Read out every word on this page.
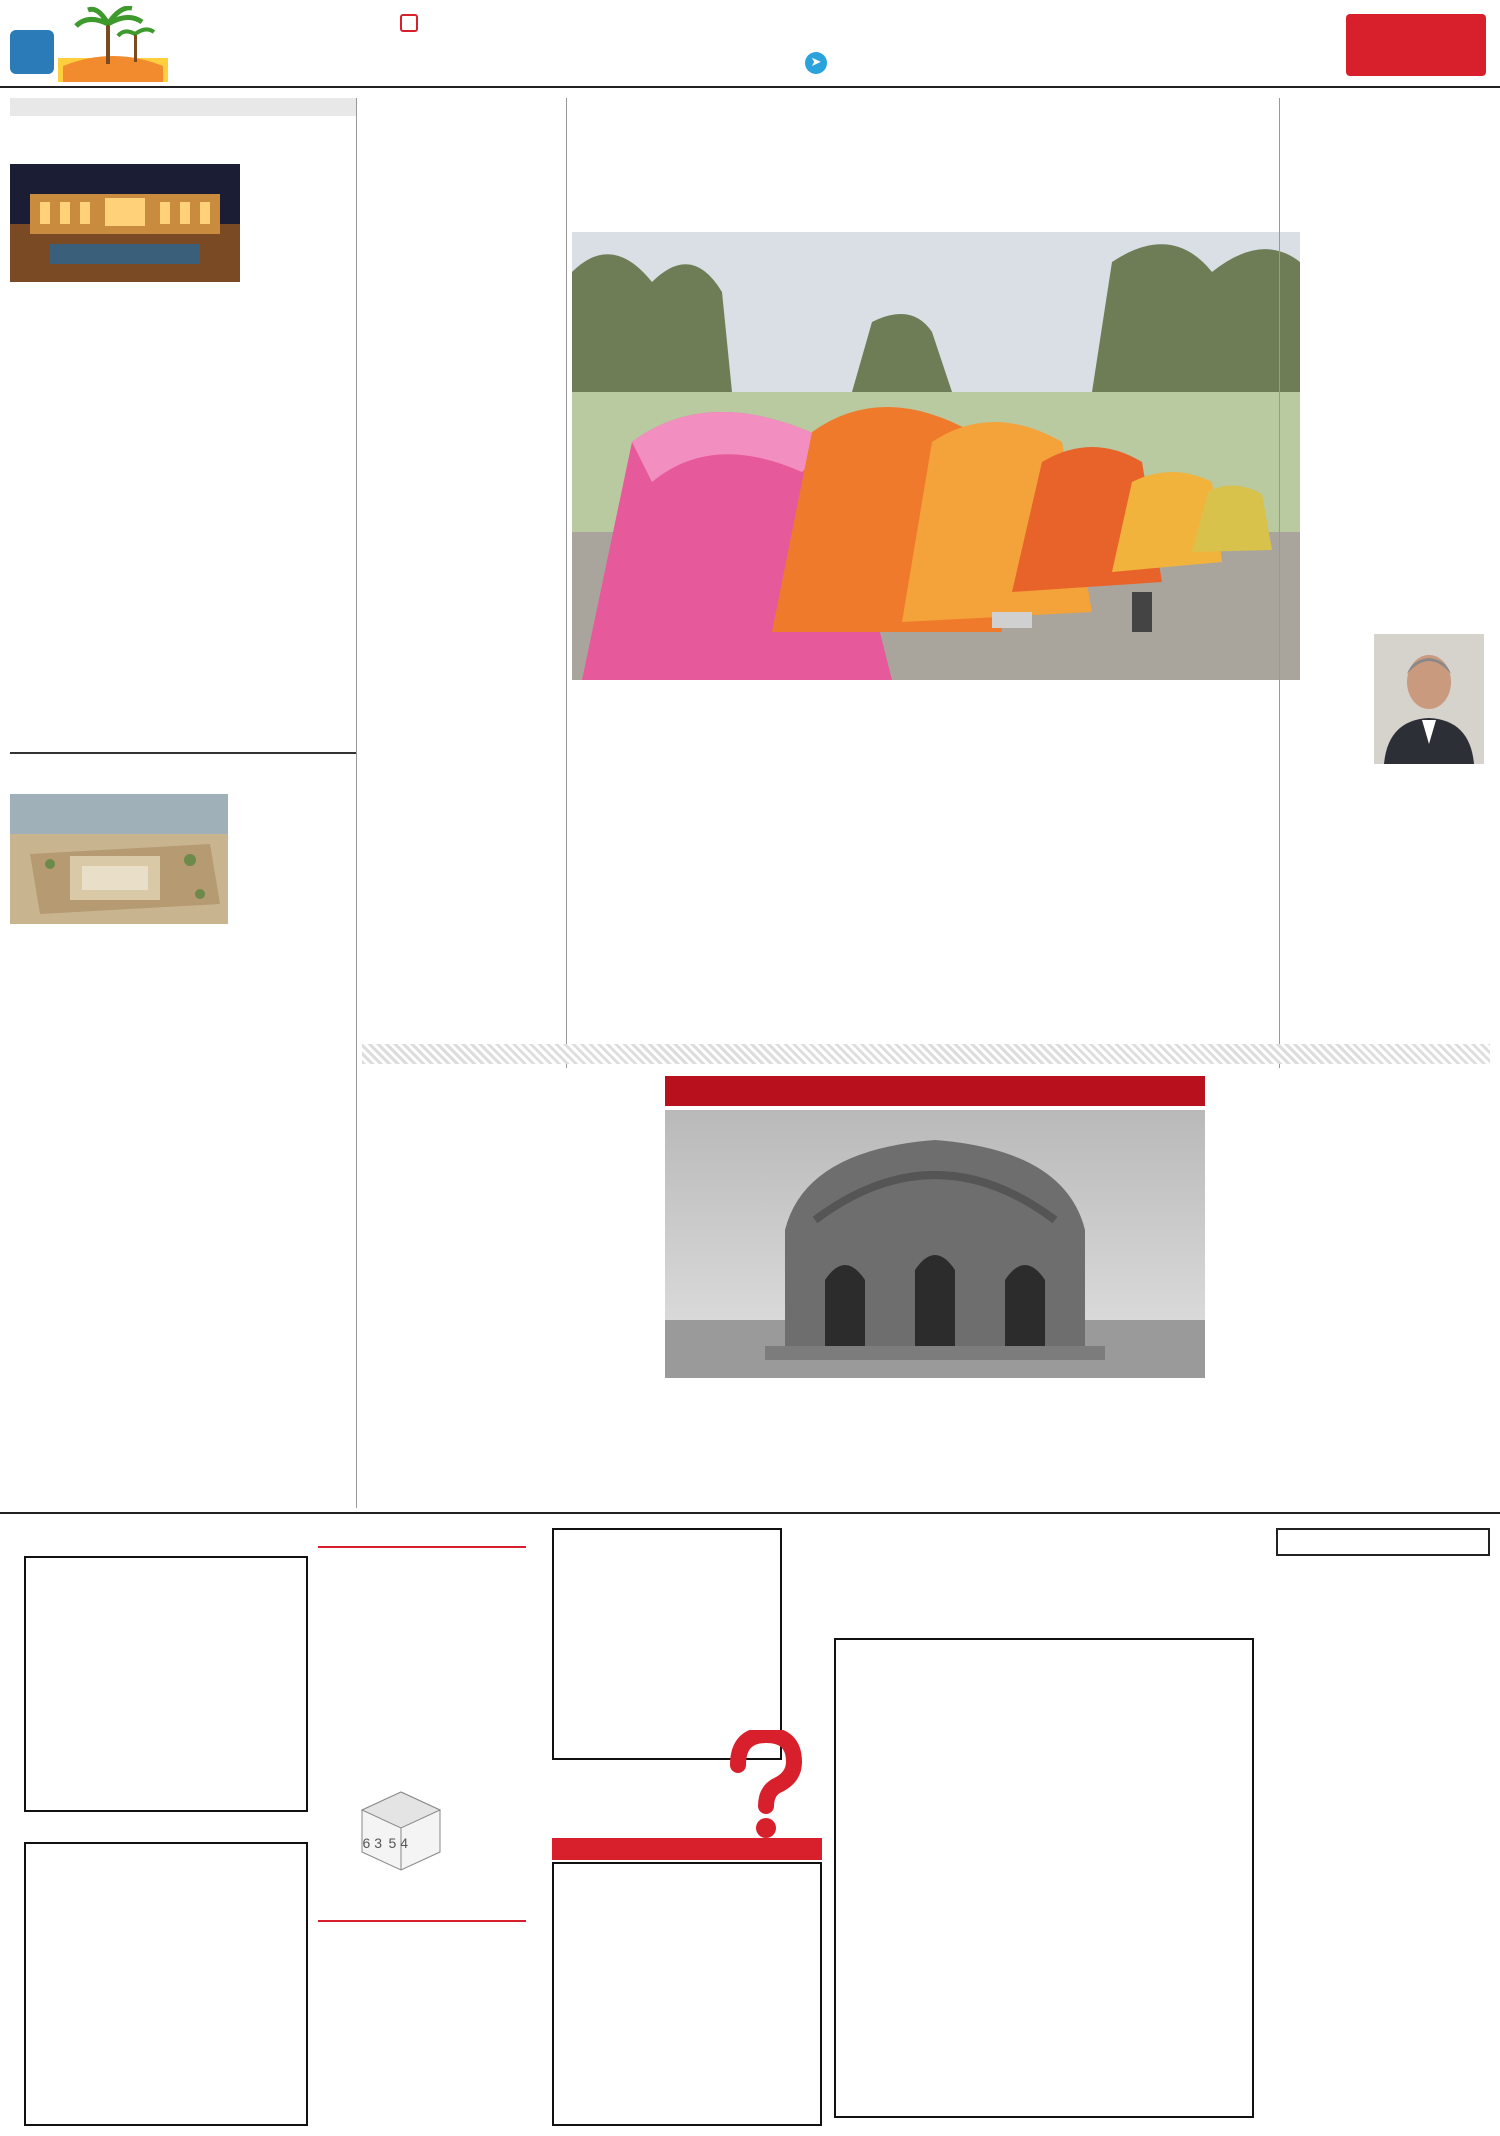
➤

3 6 4 5
